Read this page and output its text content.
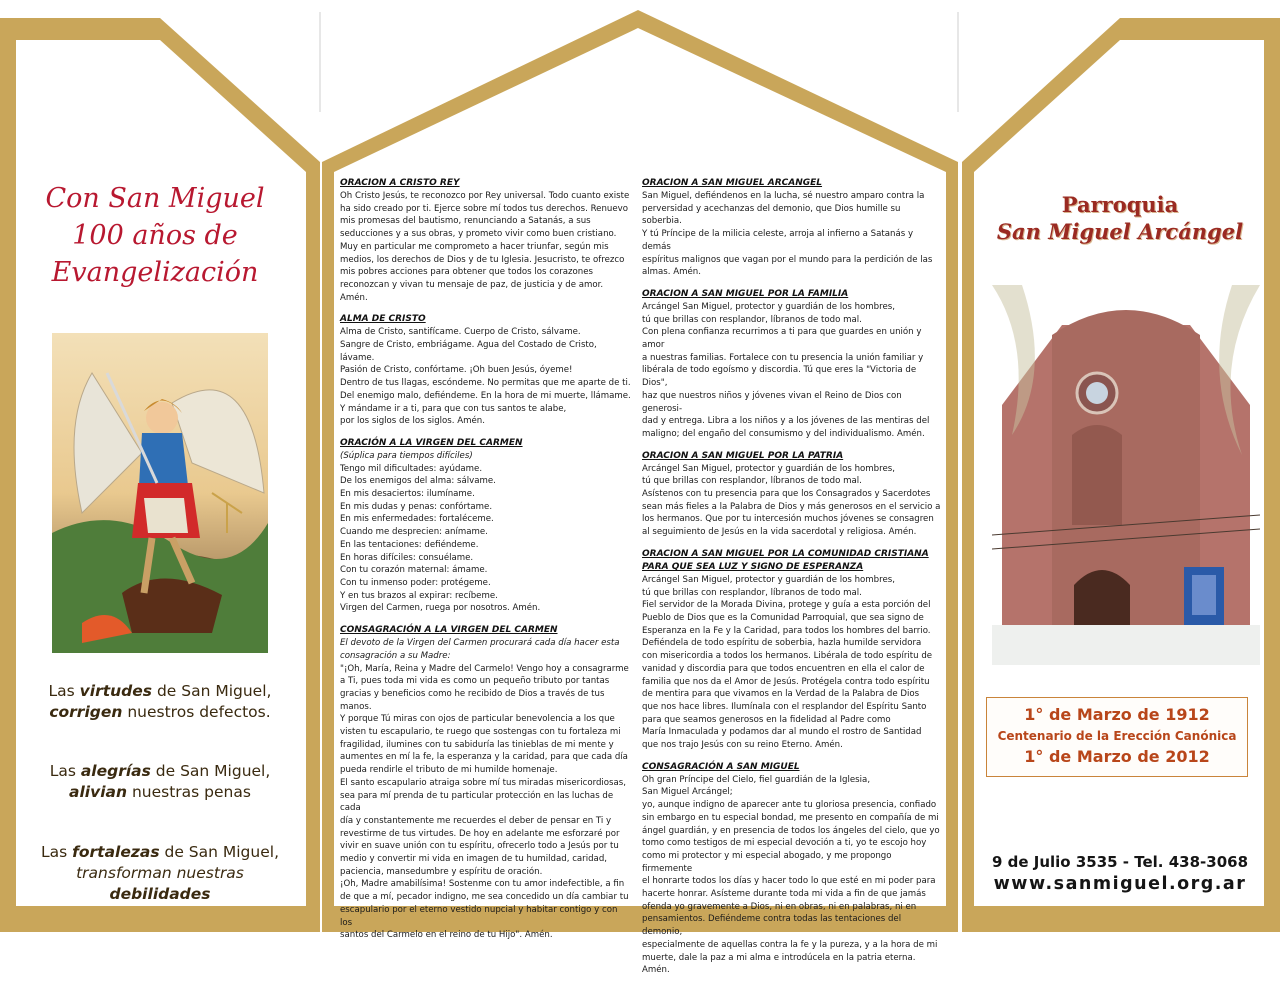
Con San Miguel
100 años de
Evangelización
Las virtudes de San Miguel,
corrigen nuestros defectos.
Las alegrías de San Miguel,
alivian nuestras penas
Las fortalezas de San Miguel,
transforman nuestras debilidades
ORACION A CRISTO REY
Oh Cristo Jesús, te reconozco por Rey universal. Todo cuanto existe
ha sido creado por ti. Ejerce sobre mí todos tus derechos. Renuevo
mis promesas del bautismo, renunciando a Satanás, a sus
seducciones y a sus obras, y prometo vivir como buen cristiano.
Muy en particular me comprometo a hacer triunfar, según mis
medios, los derechos de Dios y de tu Iglesia. Jesucristo, te ofrezco
mis pobres acciones para obtener que todos los corazones
reconozcan y vivan tu mensaje de paz, de justicia y de amor. Amén.
ALMA DE CRISTO
Alma de Cristo, santifícame. Cuerpo de Cristo, sálvame.
Sangre de Cristo, embriágame. Agua del Costado de Cristo, lávame.
Pasión de Cristo, confórtame. ¡Oh buen Jesús, óyeme!
Dentro de tus llagas, escóndeme. No permitas que me aparte de ti.
Del enemigo malo, defiéndeme. En la hora de mi muerte, llámame.
Y mándame ir a ti, para que con tus santos te alabe,
por los siglos de los siglos. Amén.
ORACIÓN A LA VIRGEN DEL CARMEN
(Súplica para tiempos difíciles)
Tengo mil dificultades: ayúdame.
De los enemigos del alma: sálvame.
En mis desaciertos: ilumíname.
En mis dudas y penas: confórtame.
En mis enfermedades: fortaléceme.
Cuando me desprecien: anímame.
En las tentaciones: defiéndeme.
En horas difíciles: consuélame.
Con tu corazón maternal: ámame.
Con tu inmenso poder: protégeme.
Y en tus brazos al expirar: recíbeme.
Virgen del Carmen, ruega por nosotros. Amén.
CONSAGRACIÓN A LA VIRGEN DEL CARMEN
El devoto de la Virgen del Carmen procurará cada día hacer esta
consagración a su Madre:
"¡Oh, María, Reina y Madre del Carmelo! Vengo hoy a consagrarme
a Ti, pues toda mi vida es como un pequeño tributo por tantas
gracias y beneficios como he recibido de Dios a través de tus manos.
Y porque Tú miras con ojos de particular benevolencia a los que
visten tu escapulario, te ruego que sostengas con tu fortaleza mi
fragilidad, ilumines con tu sabiduría las tinieblas de mi mente y
aumentes en mí la fe, la esperanza y la caridad, para que cada día
pueda rendirle el tributo de mi humilde homenaje.
El santo escapulario atraiga sobre mí tus miradas misericordiosas,
sea para mí prenda de tu particular protección en las luchas de cada
día y constantemente me recuerdes el deber de pensar en Ti y
revestirme de tus virtudes. De hoy en adelante me esforzaré por
vivir en suave unión con tu espíritu, ofrecerlo todo a Jesús por tu
medio y convertir mi vida en imagen de tu humildad, caridad,
paciencia, mansedumbre y espíritu de oración.
¡Oh, Madre amabilísima! Sostenme con tu amor indefectible, a fin
de que a mí, pecador indigno, me sea concedido un día cambiar tu
escapulario por el eterno vestido nupcial y habitar contigo y con los
santos del Carmelo en el reino de tu Hijo". Amén.
ORACION A SAN MIGUEL ARCANGEL
San Miguel, defiéndenos en la lucha, sé nuestro amparo contra la
perversidad y acechanzas del demonio, que Dios humille su soberbia.
Y tú Príncipe de la milicia celeste, arroja al infierno a Satanás y demás
espíritus malignos que vagan por el mundo para la perdición de las
almas. Amén.
ORACION A SAN MIGUEL POR LA FAMILIA
Arcángel San Miguel, protector y guardián de los hombres,
tú que brillas con resplandor, líbranos de todo mal.
Con plena confianza recurrimos a ti para que guardes en unión y amor
a nuestras familias. Fortalece con tu presencia la unión familiar y
libéralа de todo egoísmo y discordia. Tú que eres la "Victoria de Dios",
haz que nuestros niños y jóvenes vivan el Reino de Dios con generosi-
dad y entrega. Libra a los niños y a los jóvenes de las mentiras del
maligno; del engaño del consumismo y del individualismo. Amén.
ORACION A SAN MIGUEL POR LA PATRIA
Arcángel San Miguel, protector y guardián de los hombres,
tú que brillas con resplandor, líbranos de todo mal.
Asístenos con tu presencia para que los Consagrados y Sacerdotes
sean más fieles a la Palabra de Dios y más generosos en el servicio a
los hermanos. Que por tu intercesión muchos jóvenes se consagren
al seguimiento de Jesús en la vida sacerdotal y religiosa. Amén.
ORACION A SAN MIGUEL POR LA COMUNIDAD CRISTIANA
PARA QUE SEA LUZ Y SIGNO DE ESPERANZA
Arcángel San Miguel, protector y guardián de los hombres,
tú que brillas con resplandor, líbranos de todo mal.
Fiel servidor de la Morada Divina, protege y guía a esta porción del
Pueblo de Dios que es la Comunidad Parroquial, que sea signo de
Esperanza en la Fe y la Caridad, para todos los hombres del barrio.
Defiéndela de todo espíritu de soberbia, hazla humilde servidora
con misericordia a todos los hermanos. Libérala de todo espíritu de
vanidad y discordia para que todos encuentren en ella el calor de
familia que nos da el Amor de Jesús. Protégela contra todo espíritu
de mentira para que vivamos en la Verdad de la Palabra de Dios
que nos hace libres. Ilumínala con el resplandor del Espíritu Santo
para que seamos generosos en la fidelidad al Padre como
María Inmaculada y podamos dar al mundo el rostro de Santidad
que nos trajo Jesús con su reino Eterno. Amén.
CONSAGRACIÓN A SAN MIGUEL
Oh gran Príncipe del Cielo, fiel guardián de la Iglesia,
San Miguel Arcángel;
yo, aunque indigno de aparecer ante tu gloriosa presencia, confiado
sin embargo en tu especial bondad, me presento en compañía de mi
ángel guardián, y en presencia de todos los ángeles del cielo, que yo
tomo como testigos de mi especial devoción a ti, yo te escojo hoy
como mi protector y mi especial abogado, y me propongo firmemente
el honrarte todos los días y hacer todo lo que esté en mi poder para
hacerte honrar. Asísteme durante toda mi vida a fin de que jamás
ofenda yo gravemente a Dios, ni en obras, ni en palabras, ni en
pensamientos. Defiéndeme contra todas las tentaciones del demonio,
especialmente de aquellas contra la fe y la pureza, y a la hora de mi
muerte, dale la paz a mi alma e introdúcela en la patria eterna. Amén.
Parroquia
San Miguel Arcángel
1° de Marzo de 1912
Centenario de la Erección Canónica
1° de Marzo de 2012
9 de Julio 3535 - Tel. 438-3068
www.sanmiguel.org.ar
